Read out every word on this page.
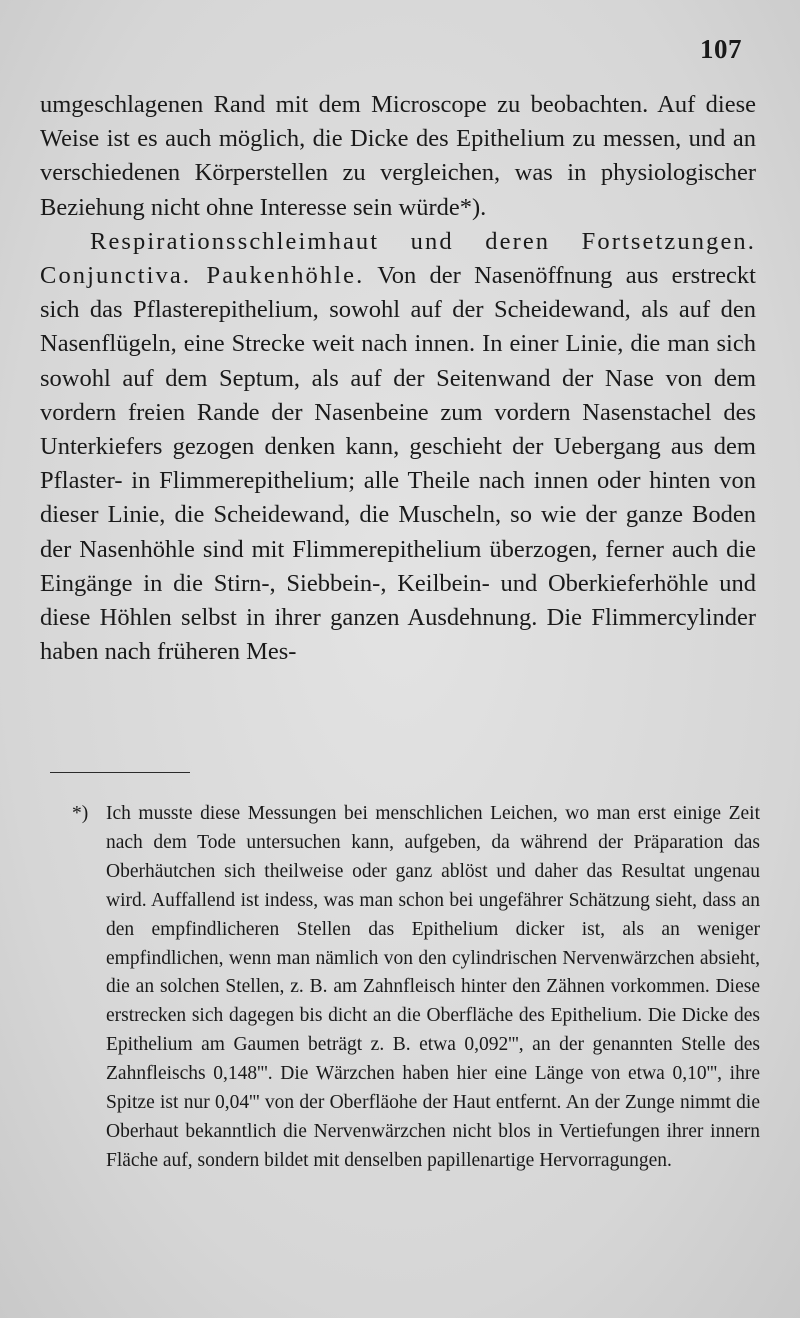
107

umgeschlagenen Rand mit dem Microscope zu beobachten. Auf diese Weise ist es auch möglich, die Dicke des Epithelium zu messen, und an verschiedenen Körperstellen zu vergleichen, was in physiologischer Beziehung nicht ohne Interesse sein würde*).

Respirationsschleimhaut und deren Fortsetzungen. Conjunctiva. Paukenhöhle. Von der Nasenöffnung aus erstreckt sich das Pflasterepithelium, sowohl auf der Scheidewand, als auf den Nasenflügeln, eine Strecke weit nach innen. In einer Linie, die man sich sowohl auf dem Septum, als auf der Seitenwand der Nase von dem vordern freien Rande der Nasenbeine zum vordern Nasenstachel des Unterkiefers gezogen denken kann, geschieht der Uebergang aus dem Pflaster- in Flimmerepithelium; alle Theile nach innen oder hinten von dieser Linie, die Scheidewand, die Muscheln, so wie der ganze Boden der Nasenhöhle sind mit Flimmerepithelium überzogen, ferner auch die Eingänge in die Stirn-, Siebbein-, Keilbein- und Oberkieferhöhle und diese Höhlen selbst in ihrer ganzen Ausdehnung. Die Flimmercylinder haben nach früheren Mes-

*) Ich musste diese Messungen bei menschlichen Leichen, wo man erst einige Zeit nach dem Tode untersuchen kann, aufgeben, da während der Präparation das Oberhäutchen sich theilweise oder ganz ablöst und daher das Resultat ungenau wird. Auffallend ist indess, was man schon bei ungefährer Schätzung sieht, dass an den empfindlicheren Stellen das Epithelium dicker ist, als an weniger empfindlichen, wenn man nämlich von den cylindrischen Nervenwärzchen absieht, die an solchen Stellen, z. B. am Zahnfleisch hinter den Zähnen vorkommen. Diese erstrecken sich dagegen bis dicht an die Oberfläche des Epithelium. Die Dicke des Epithelium am Gaumen beträgt z. B. etwa 0,092''', an der genannten Stelle des Zahnfleischs 0,148'''. Die Wärzchen haben hier eine Länge von etwa 0,10''', ihre Spitze ist nur 0,04''' von der Oberfläohe der Haut entfernt. An der Zunge nimmt die Oberhaut bekanntlich die Nervenwärzchen nicht blos in Vertiefungen ihrer innern Fläche auf, sondern bildet mit denselben papillenartige Hervorragungen.
